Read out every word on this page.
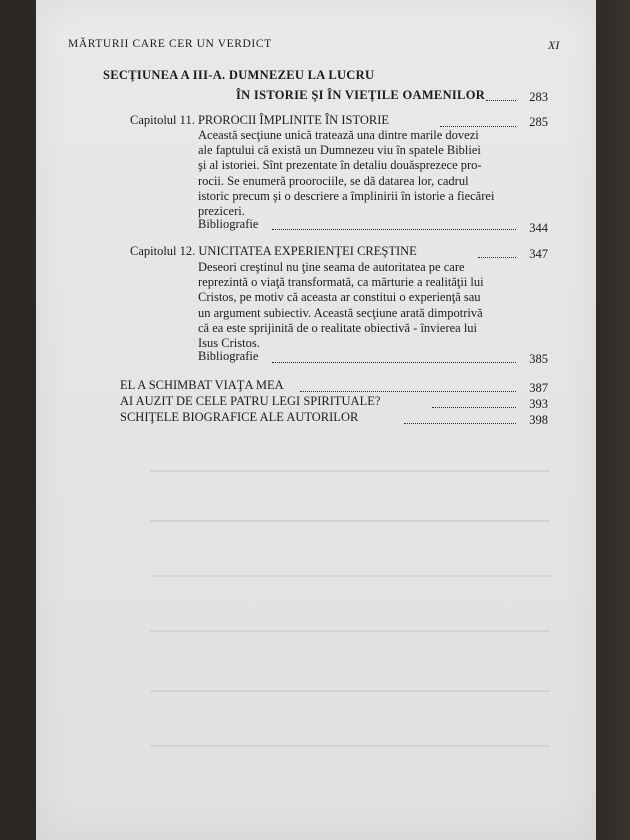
MĂRTURII CARE CER UN VERDICT	XI
SECŢIUNEA A III-A. DUMNEZEU LA LUCRU
ÎN ISTORIE ŞI ÎN VIEŢILE OAMENILOR	283
Capitolul 11. PROROCII ÎMPLINITE ÎN ISTORIE	285

Această secţiune unică tratează una dintre marile dovezi

ale faptului că există un Dumnezeu viu în spatele Bibliei

şi al istoriei. Sînt prezentate în detaliu douăsprezece pro-

rocii. Se enumeră proorociile, se dă datarea lor, cadrul

istoric precum şi o descriere a împlinirii în istorie a fiecărei

preziceri.

Bibliografie	344
Capitolul 12. UNICITATEA EXPERIENŢEI CREŞTINE	347

Deseori creştinul nu ţine seama de autoritatea pe care

reprezintă o viaţă transformată, ca mărturie a realităţii lui

Cristos, pe motiv că aceasta ar constitui o experienţă sau

un argument subiectiv. Această secţiune arată dimpotrivă

că ea este sprijinită de o realitate obiectivă - învierea lui

Isus Cristos.

Bibliografie	385
EL A SCHIMBAT VIAŢA MEA	387
AI AUZIT DE CELE PATRU LEGI SPIRITUALE?	393
SCHIŢELE BIOGRAFICE ALE AUTORILOR	398
